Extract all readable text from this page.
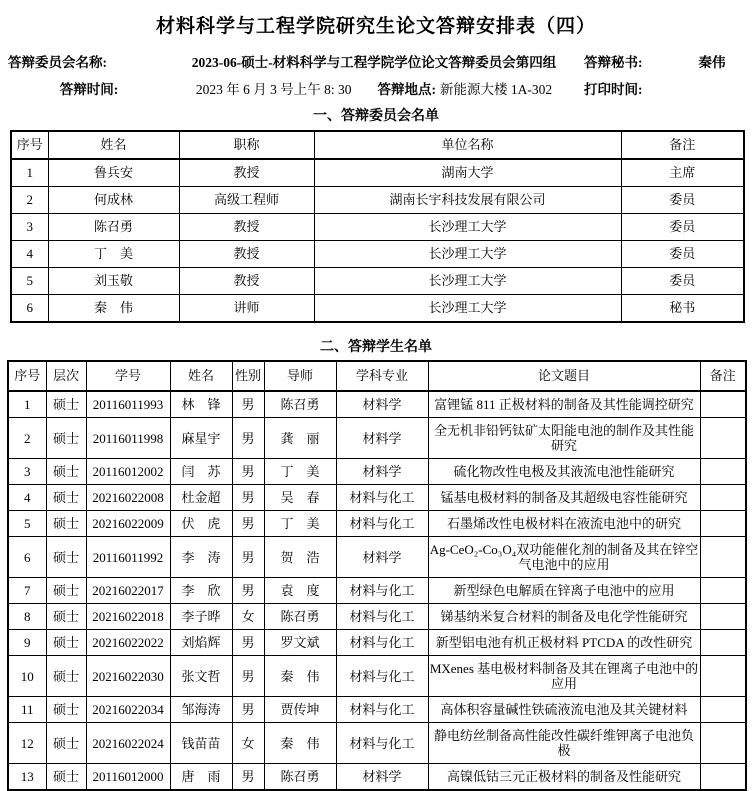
材料科学与工程学院研究生论文答辩安排表（四）
答辩委员会名称:	2023-06-硕士-材料科学与工程学院学位论文答辩委员会第四组	答辩秘书:	秦伟
答辩时间:	2023 年 6 月 3 号上午 8: 30 答辩地点: 新能源大楼 1A-302 打印时间:
一、答辩委员会名单
序号	姓名	职称	单位名称	备注
1	鲁兵安	教授	湖南大学	主席
2	何成林	高级工程师	湖南长宇科技发展有限公司	委员
3	陈召勇	教授	长沙理工大学	委员
4	丁　美	教授	长沙理工大学	委员
5	刘玉敬	教授	长沙理工大学	委员
6	秦　伟	讲师	长沙理工大学	秘书
二、答辩学生名单
序号	层次	学号	姓名	性别	导师	学科专业	论文题目	备注
1	硕士	20116011993	林　锋	男	陈召勇	材料学	富锂锰 811 正极材料的制备及其性能调控研究	
2	硕士	20116011998	麻星宇	男	龚　丽	材料学	全无机非铅钙钛矿太阳能电池的制作及其性能研究	
3	硕士	20116012002	闫　苏	男	丁　美	材料学	硫化物改性电极及其液流电池性能研究	
4	硕士	20216022008	杜金超	男	吴　春	材料与化工	锰基电极材料的制备及其超级电容性能研究	
5	硕士	20216022009	伏　虎	男	丁　美	材料与化工	石墨烯改性电极材料在液流电池中的研究	
6	硕士	20116011992	李　涛	男	贺　浩	材料学	Ag-CeO₂-Co₃O₄双功能催化剂的制备及其在锌空气电池中的应用	
7	硕士	20216022017	李　欣	男	袁　度	材料与化工	新型绿色电解质在锌离子电池中的应用	
8	硕士	20216022018	李子晔	女	陈召勇	材料与化工	锑基纳米复合材料的制备及电化学性能研究	
9	硕士	20216022022	刘焰辉	男	罗文斌	材料与化工	新型铝电池有机正极材料 PTCDA 的改性研究	
10	硕士	20216022030	张文哲	男	秦　伟	材料与化工	MXenes 基电极材料制备及其在锂离子电池中的应用	
11	硕士	20216022034	邹海涛	男	贾传坤	材料与化工	高体积容量碱性铁硫液流电池及其关键材料	
12	硕士	20216022024	钱苗苗	女	秦　伟	材料与化工	静电纺丝制备高性能改性碳纤维钾离子电池负极	
13	硕士	20116012000	唐　雨	男	陈召勇	材料学	高镍低钴三元正极材料的制备及性能研究	
